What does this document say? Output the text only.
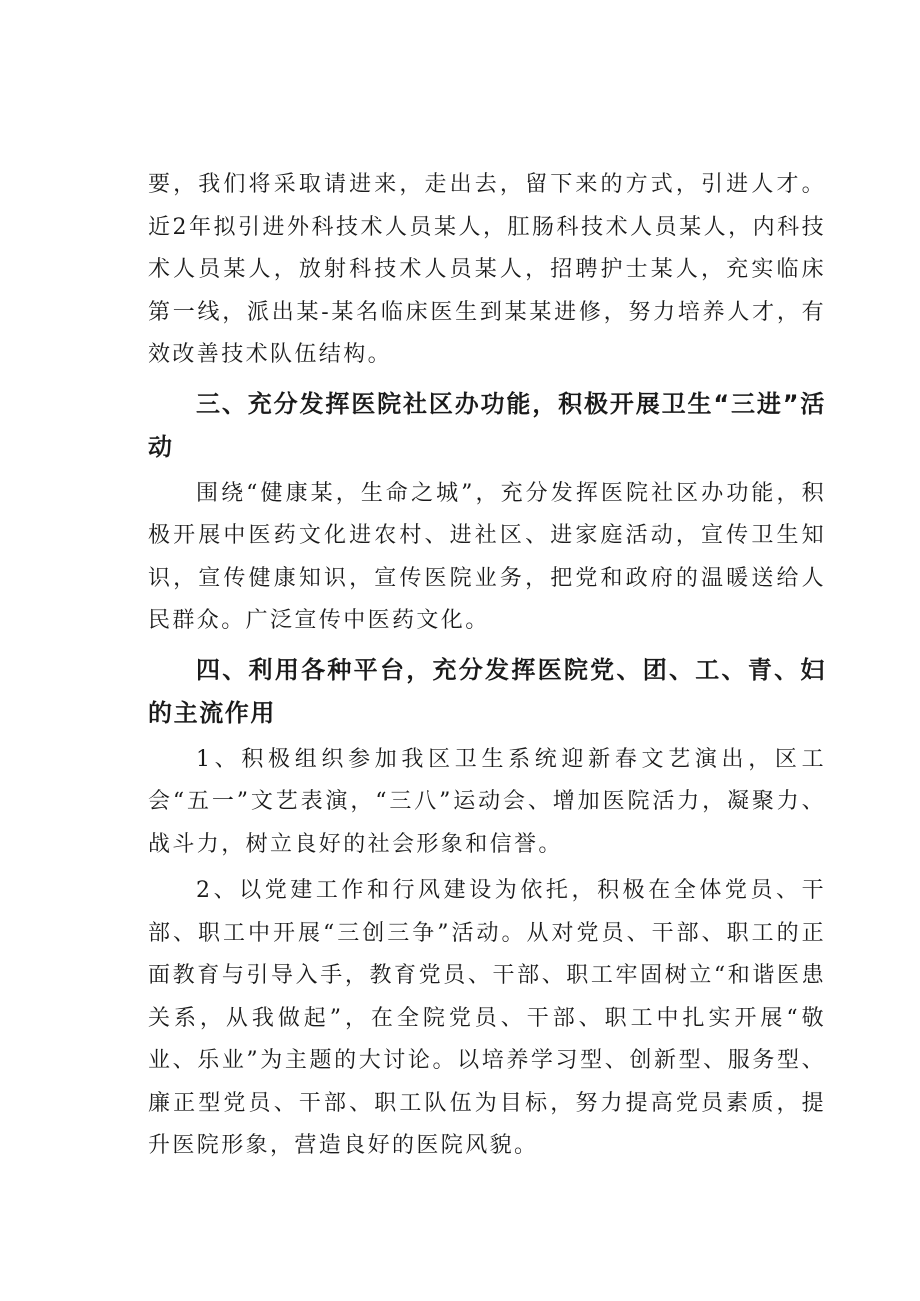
要，我们将采取请进来，走出去，留下来的方式，引进人才。近2年拟引进外科技术人员某人，肛肠科技术人员某人，内科技术人员某人，放射科技术人员某人，招聘护士某人，充实临床第一线，派出某-某名临床医生到某某进修，努力培养人才，有效改善技术队伍结构。

三、充分发挥医院社区办功能，积极开展卫生“三进”活动

围绕“健康某，生命之城”，充分发挥医院社区办功能，积极开展中医药文化进农村、进社区、进家庭活动，宣传卫生知识，宣传健康知识，宣传医院业务，把党和政府的温暖送给人民群众。广泛宣传中医药文化。

四、利用各种平台，充分发挥医院党、团、工、青、妇的主流作用

1、积极组织参加我区卫生系统迎新春文艺演出，区工会“五一”文艺表演，“三八”运动会、增加医院活力，凝聚力、战斗力，树立良好的社会形象和信誉。

2、以党建工作和行风建设为依托，积极在全体党员、干部、职工中开展“三创三争”活动。从对党员、干部、职工的正面教育与引导入手，教育党员、干部、职工牢固树立“和谐医患关系，从我做起”，在全院党员、干部、职工中扎实开展“敬业、乐业”为主题的大讨论。以培养学习型、创新型、服务型、廉正型党员、干部、职工队伍为目标，努力提高党员素质，提升医院形象，营造良好的医院风貌。
